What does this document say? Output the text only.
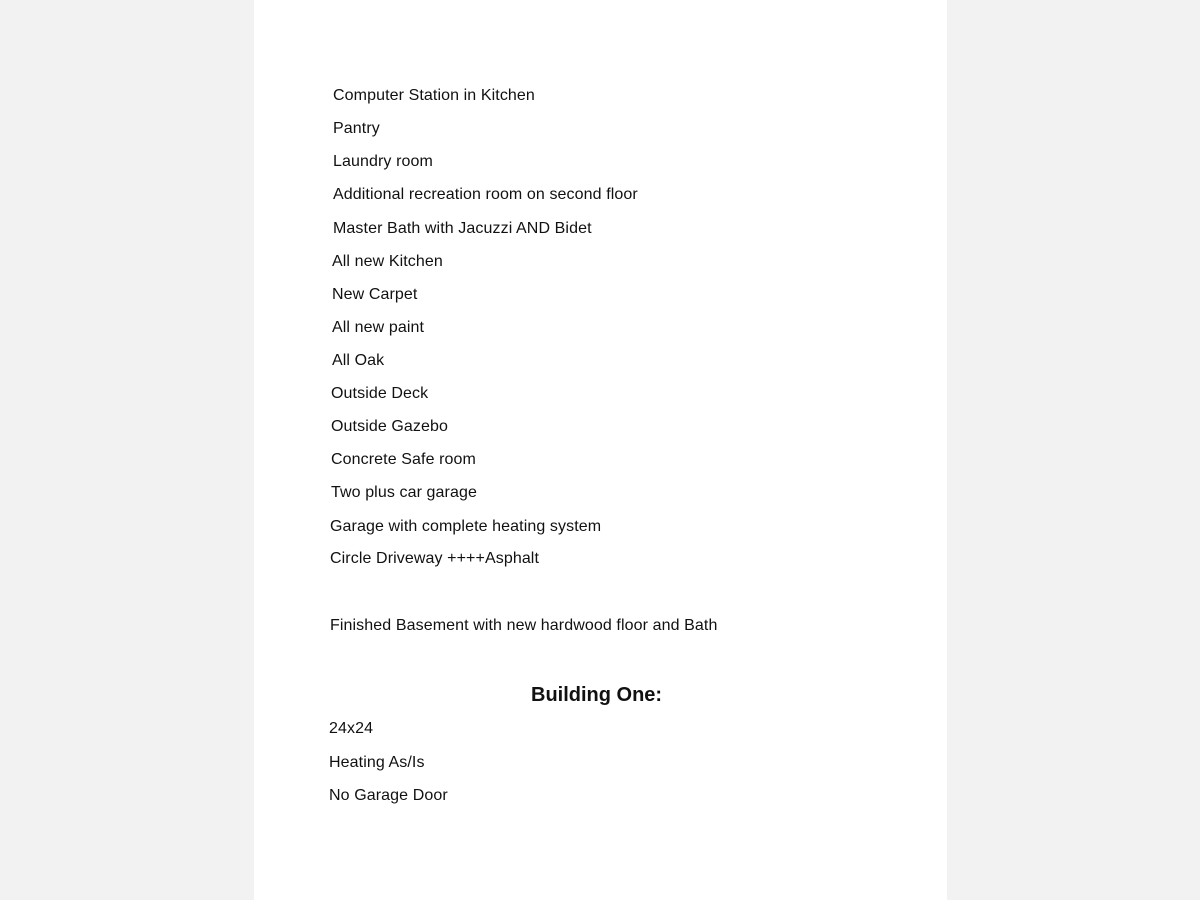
Computer Station in Kitchen
Pantry
Laundry room
Additional recreation room on second floor
Master Bath with Jacuzzi AND Bidet
All new Kitchen
New Carpet
All new paint
All Oak
Outside Deck
Outside Gazebo
Concrete Safe room
Two plus car garage
Garage with complete heating system
Circle Driveway ++++Asphalt
Finished Basement with new hardwood floor and Bath
Building One:
24x24
Heating As/Is
No Garage Door
